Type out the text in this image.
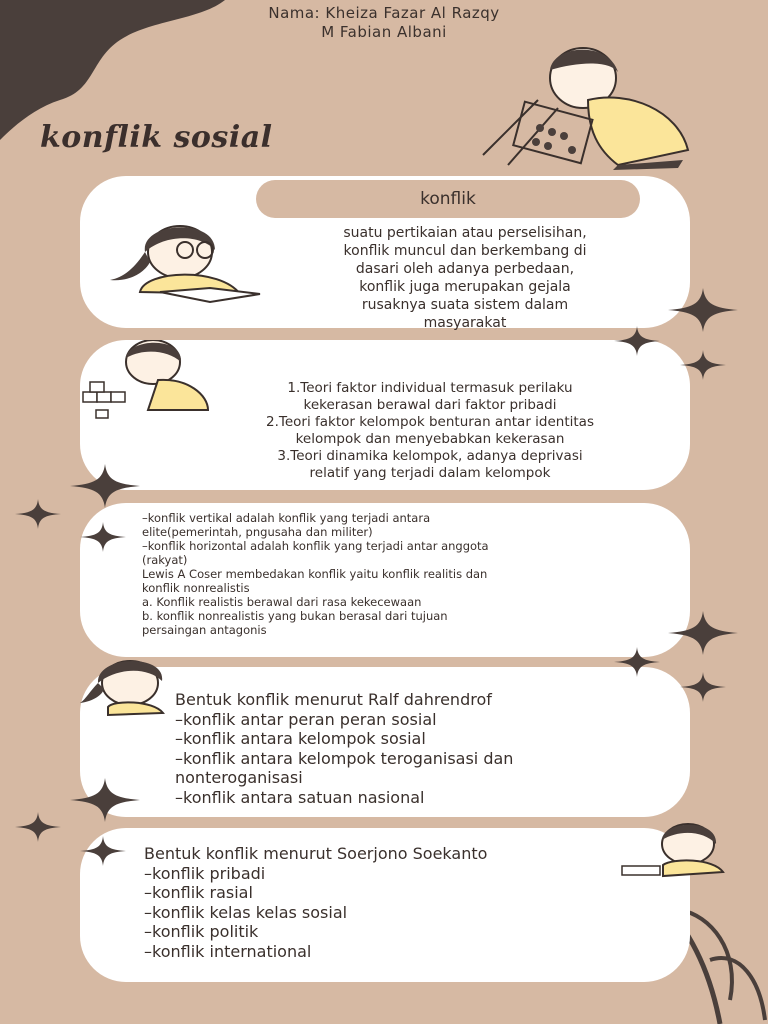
Nama: Kheiza Fazar Al Razqy
M Fabian Albani
konflik sosial
konflik
suatu pertikaian atau perselisihan,
konflik muncul dan berkembang di
dasari oleh adanya perbedaan,
konflik juga merupakan gejala
rusaknya suata sistem dalam
masyarakat
1.Teori faktor individual termasuk perilaku
kekerasan berawal dari faktor pribadi
2.Teori faktor kelompok benturan antar identitas
kelompok dan menyebabkan kekerasan
3.Teori dinamika kelompok, adanya deprivasi
relatif yang terjadi dalam kelompok
–konflik vertikal adalah konflik yang terjadi antara
elite(pemerintah, pngusaha dan militer)
–konflik horizontal adalah konflik yang terjadi antar anggota
(rakyat)
Lewis A Coser membedakan konflik yaitu konflik realitis dan
konflik nonrealistis
a. Konflik realistis berawal dari rasa kekecewaan
b. konflik nonrealistis yang bukan berasal dari tujuan
persaingan antagonis
Bentuk konflik menurut Ralf dahrendrof
–konflik antar peran peran sosial
–konflik antara kelompok sosial
–konflik antara kelompok teroganisasi dan
nonteroganisasi
–konflik antara satuan nasional
Bentuk konflik menurut Soerjono Soekanto
–konflik pribadi
–konflik rasial
–konflik kelas kelas sosial
–konflik politik
–konflik international
